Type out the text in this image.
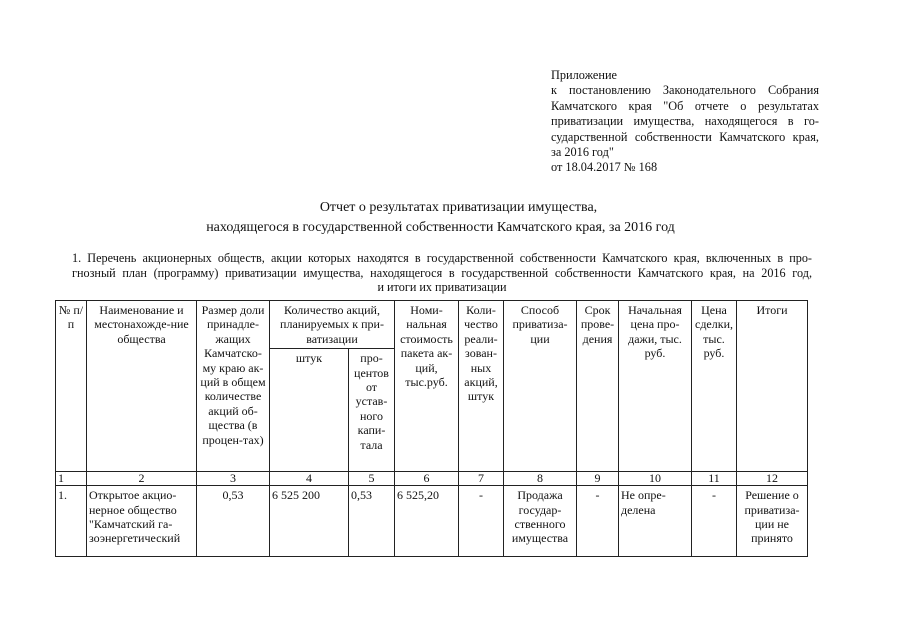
Приложение
к постановлению Законодательного Собрания
Камчатского края "Об отчете о результатах
приватизации имущества, находящегося в го-
сударственной собственности Камчатского края,
за 2016 год"
от 18.04.2017 № 168
Отчет о результатах приватизации имущества,
находящегося в государственной собственности Камчатского края, за 2016 год
1. Перечень акционерных обществ, акции которых находятся в государственной собственности Камчатского края, включенных в про-
гнозный план (программу) приватизации имущества, находящегося в государственной собственности Камчатского края, на 2016 год,
и итоги их приватизации
№ п/п	Наименование и местонахожде-ние общества	Размер доли принадле-жащих Камчатско-му краю ак-ций в общем количестве акций об-щества (в процен-тах)	Количество акций, планируемых к при-ватизации		Номи-нальная стоимость пакета ак-ций, тыс.руб.	Коли-чество реали-зован-ных акций, штук	Способ приватиза-ции	Срок прове-дения	Начальная цена про-дажи, тыс. руб.	Цена сделки, тыс. руб.	Итоги
			штук	про-центов от устав-ного капи-тала							
1	2	3	4	5	6	7	8	9	10	11	12
1.	Открытое акцио-нерное общество "Камчатский га-зоэнергетический	0,53	6 525 200	0,53	6 525,20	-	Продажа государ-ственного имущества	-	Не опре-делена	-	Решение о приватиза-ции не принято
